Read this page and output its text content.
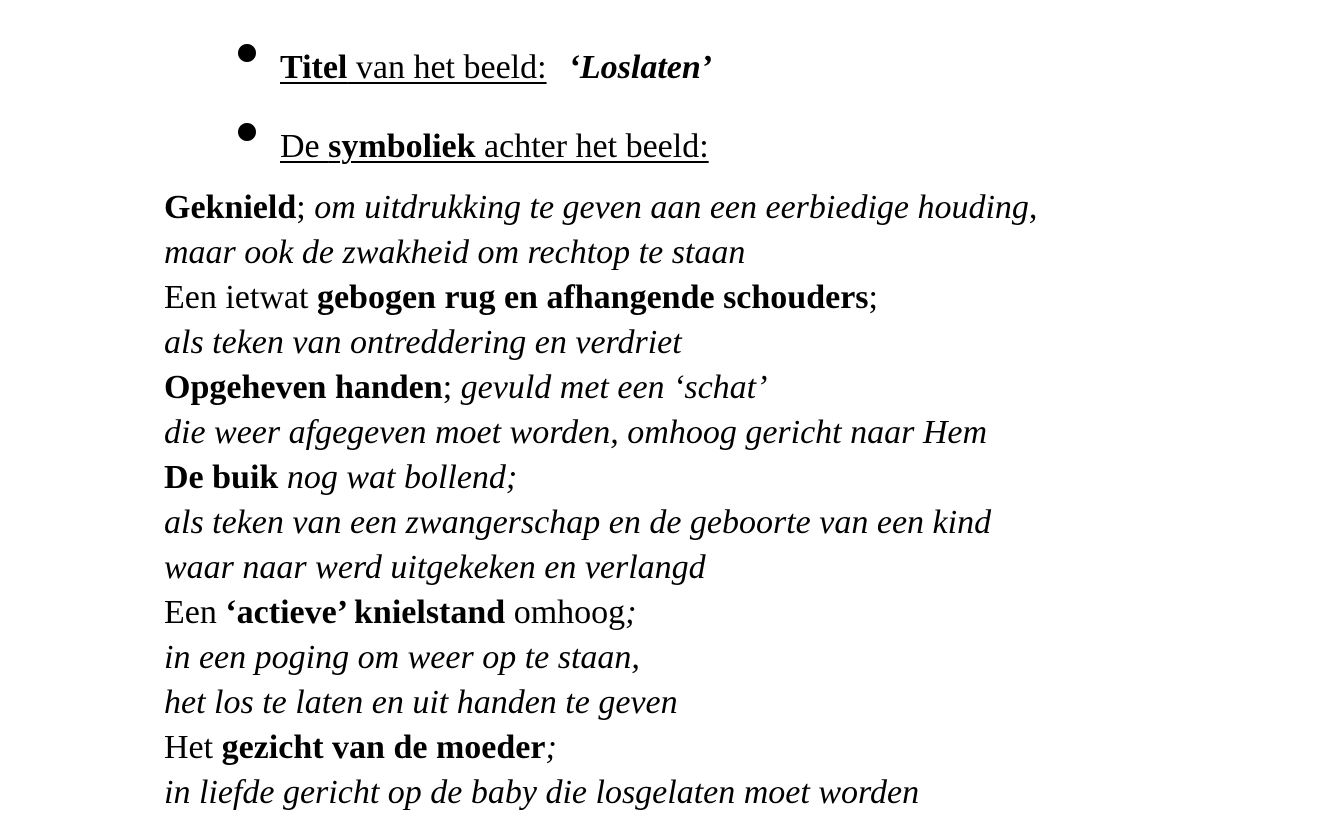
Titel van het beeld: ‘Loslaten’
De symboliek achter het beeld:
Geknield; om uitdrukking te geven aan een eerbiedige houding,
maar ook de zwakheid om rechtop te staan
Een ietwat gebogen rug en afhangende schouders;
als teken van ontreddering en verdriet
Opgeheven handen; gevuld met een ‘schat’
die weer afgegeven moet worden, omhoog gericht naar Hem
De buik nog wat bollend;
als teken van een zwangerschap en de geboorte van een kind
waar naar werd uitgekeken en verlangd
Een ‘actieve’ knielstand omhoog;
in een poging om weer op te staan,
het los te laten en uit handen te geven
Het gezicht van de moeder;
in liefde gericht op de baby die losgelaten moet worden
